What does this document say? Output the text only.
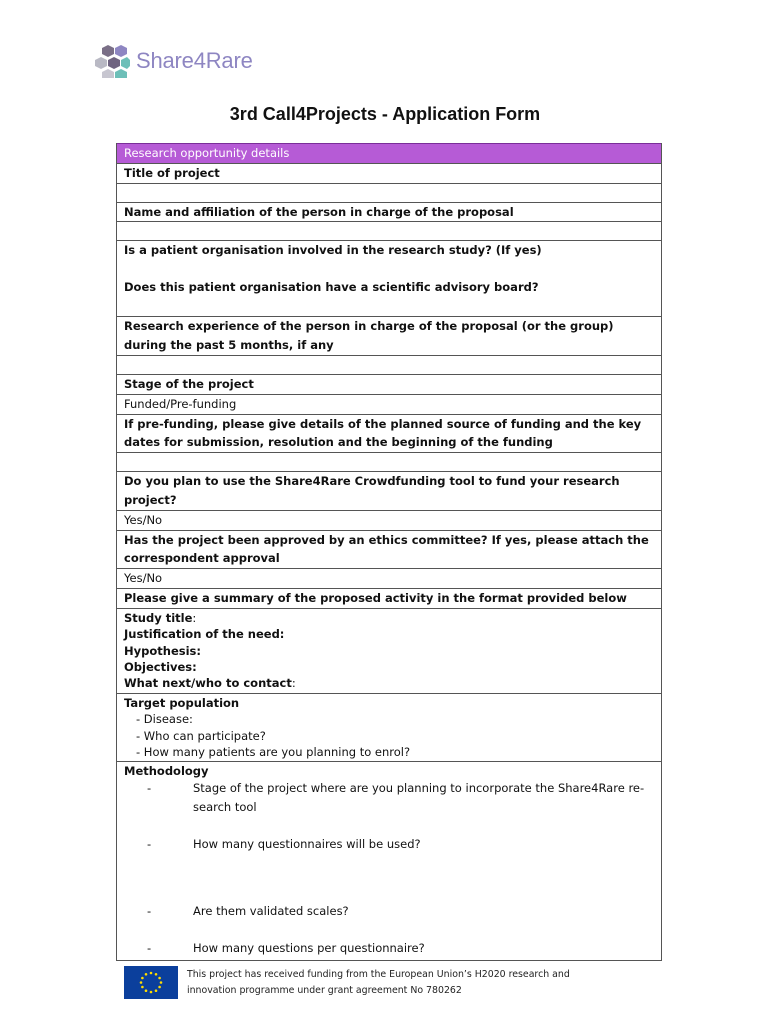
Share4Rare
3rd Call4Projects - Application Form
Research opportunity details
Title of project
Name and affiliation of the person in charge of the proposal
Is a patient organisation involved in the research study? (If yes)
Does this patient organisation have a scientific advisory board?
Research experience of the person in charge of the proposal (or the group) during the past 5 months, if any
Stage of the project
Funded/Pre-funding
If pre-funding, please give details of the planned source of funding and the key dates for submission, resolution and the beginning of the funding
Do you plan to use the Share4Rare Crowdfunding tool to fund your research project?
Yes/No
Has the project been approved by an ethics committee? If yes, please attach the correspondent approval
Yes/No
Please give a summary of the proposed activity in the format provided below
Study title:
Justification of the need:
Hypothesis:
Objectives:
What next/who to contact:
Target population
- Disease:
- Who can participate?
- How many patients are you planning to enrol?
Methodology
-	Stage of the project where are you planning to incorporate the Share4Rare re-search tool
-	How many questionnaires will be used?
-	Are them validated scales?
-	How many questions per questionnaire?
This project has received funding from the European Union’s H2020 research and innovation programme under grant agreement No 780262
